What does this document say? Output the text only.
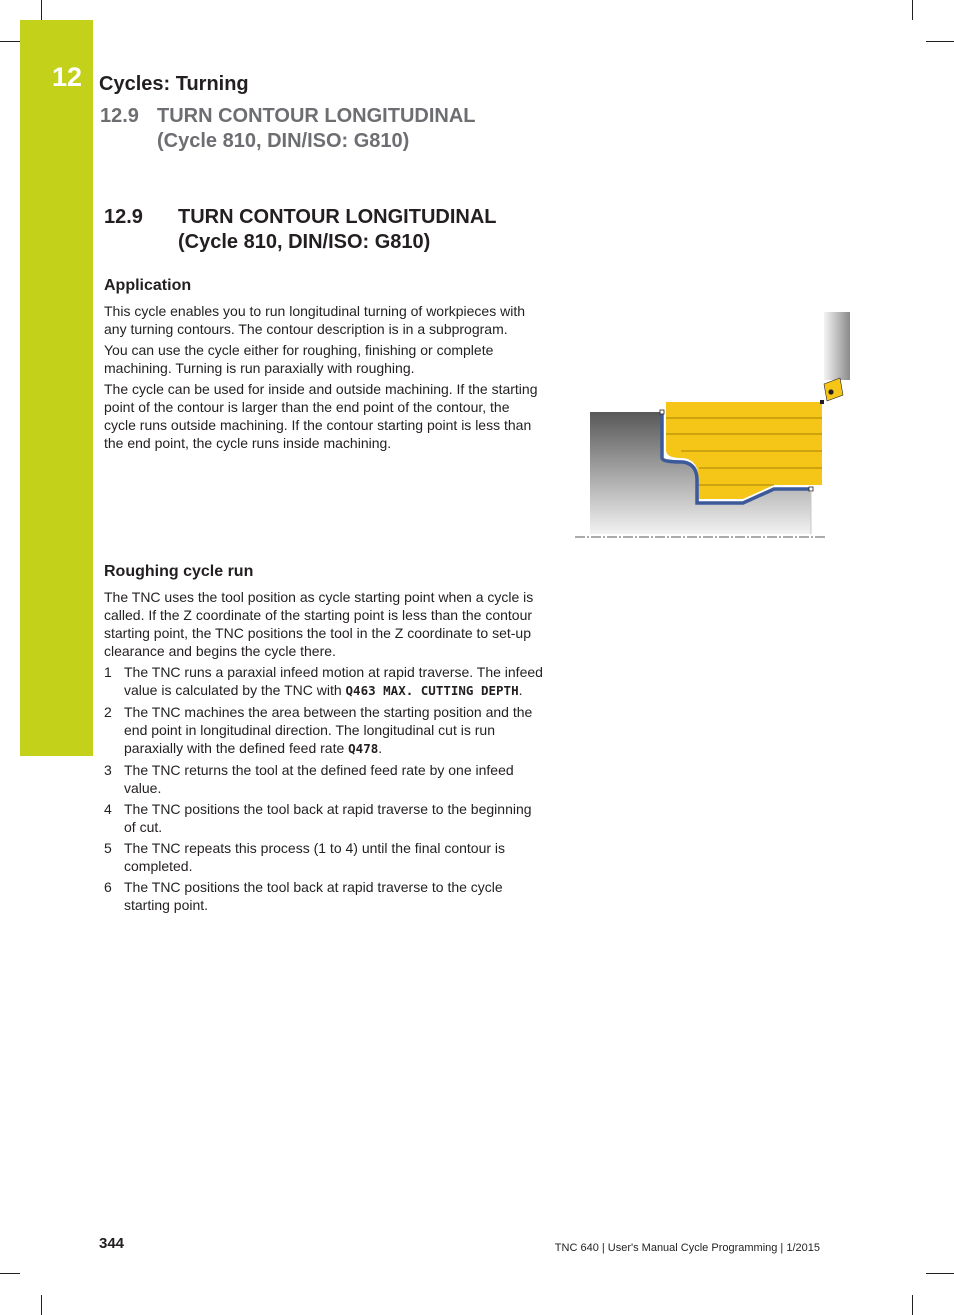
12 Cycles: Turning
12.9 TURN CONTOUR LONGITUDINAL
(Cycle 810, DIN/ISO: G810)
12.9 TURN CONTOUR LONGITUDINAL
(Cycle 810, DIN/ISO: G810)
Application

This cycle enables you to run longitudinal turning of workpieces with any turning contours. The contour description is in a subprogram.

You can use the cycle either for roughing, finishing or complete machining. Turning is run paraxially with roughing.

The cycle can be used for inside and outside machining. If the starting point of the contour is larger than the end point of the contour, the cycle runs outside machining. If the contour starting point is less than the end point, the cycle runs inside machining.

Roughing cycle run
The TNC uses the tool position as cycle starting point when a cycle is called. If the Z coordinate of the starting point is less than the contour starting point, the TNC positions the tool in the Z coordinate to set-up clearance and begins the cycle there.
1 The TNC runs a paraxial infeed motion at rapid traverse. The infeed value is calculated by the TNC with Q463 MAX. CUTTING DEPTH.
2 The TNC machines the area between the starting position and the end point in longitudinal direction. The longitudinal cut is run paraxially with the defined feed rate Q478.
3 The TNC returns the tool at the defined feed rate by one infeed value.
4 The TNC positions the tool back at rapid traverse to the beginning of cut.
5 The TNC repeats this process (1 to 4) until the final contour is completed.
6 The TNC positions the tool back at rapid traverse to the cycle starting point.
344	TNC 640 | User's Manual Cycle Programming | 1/2015
